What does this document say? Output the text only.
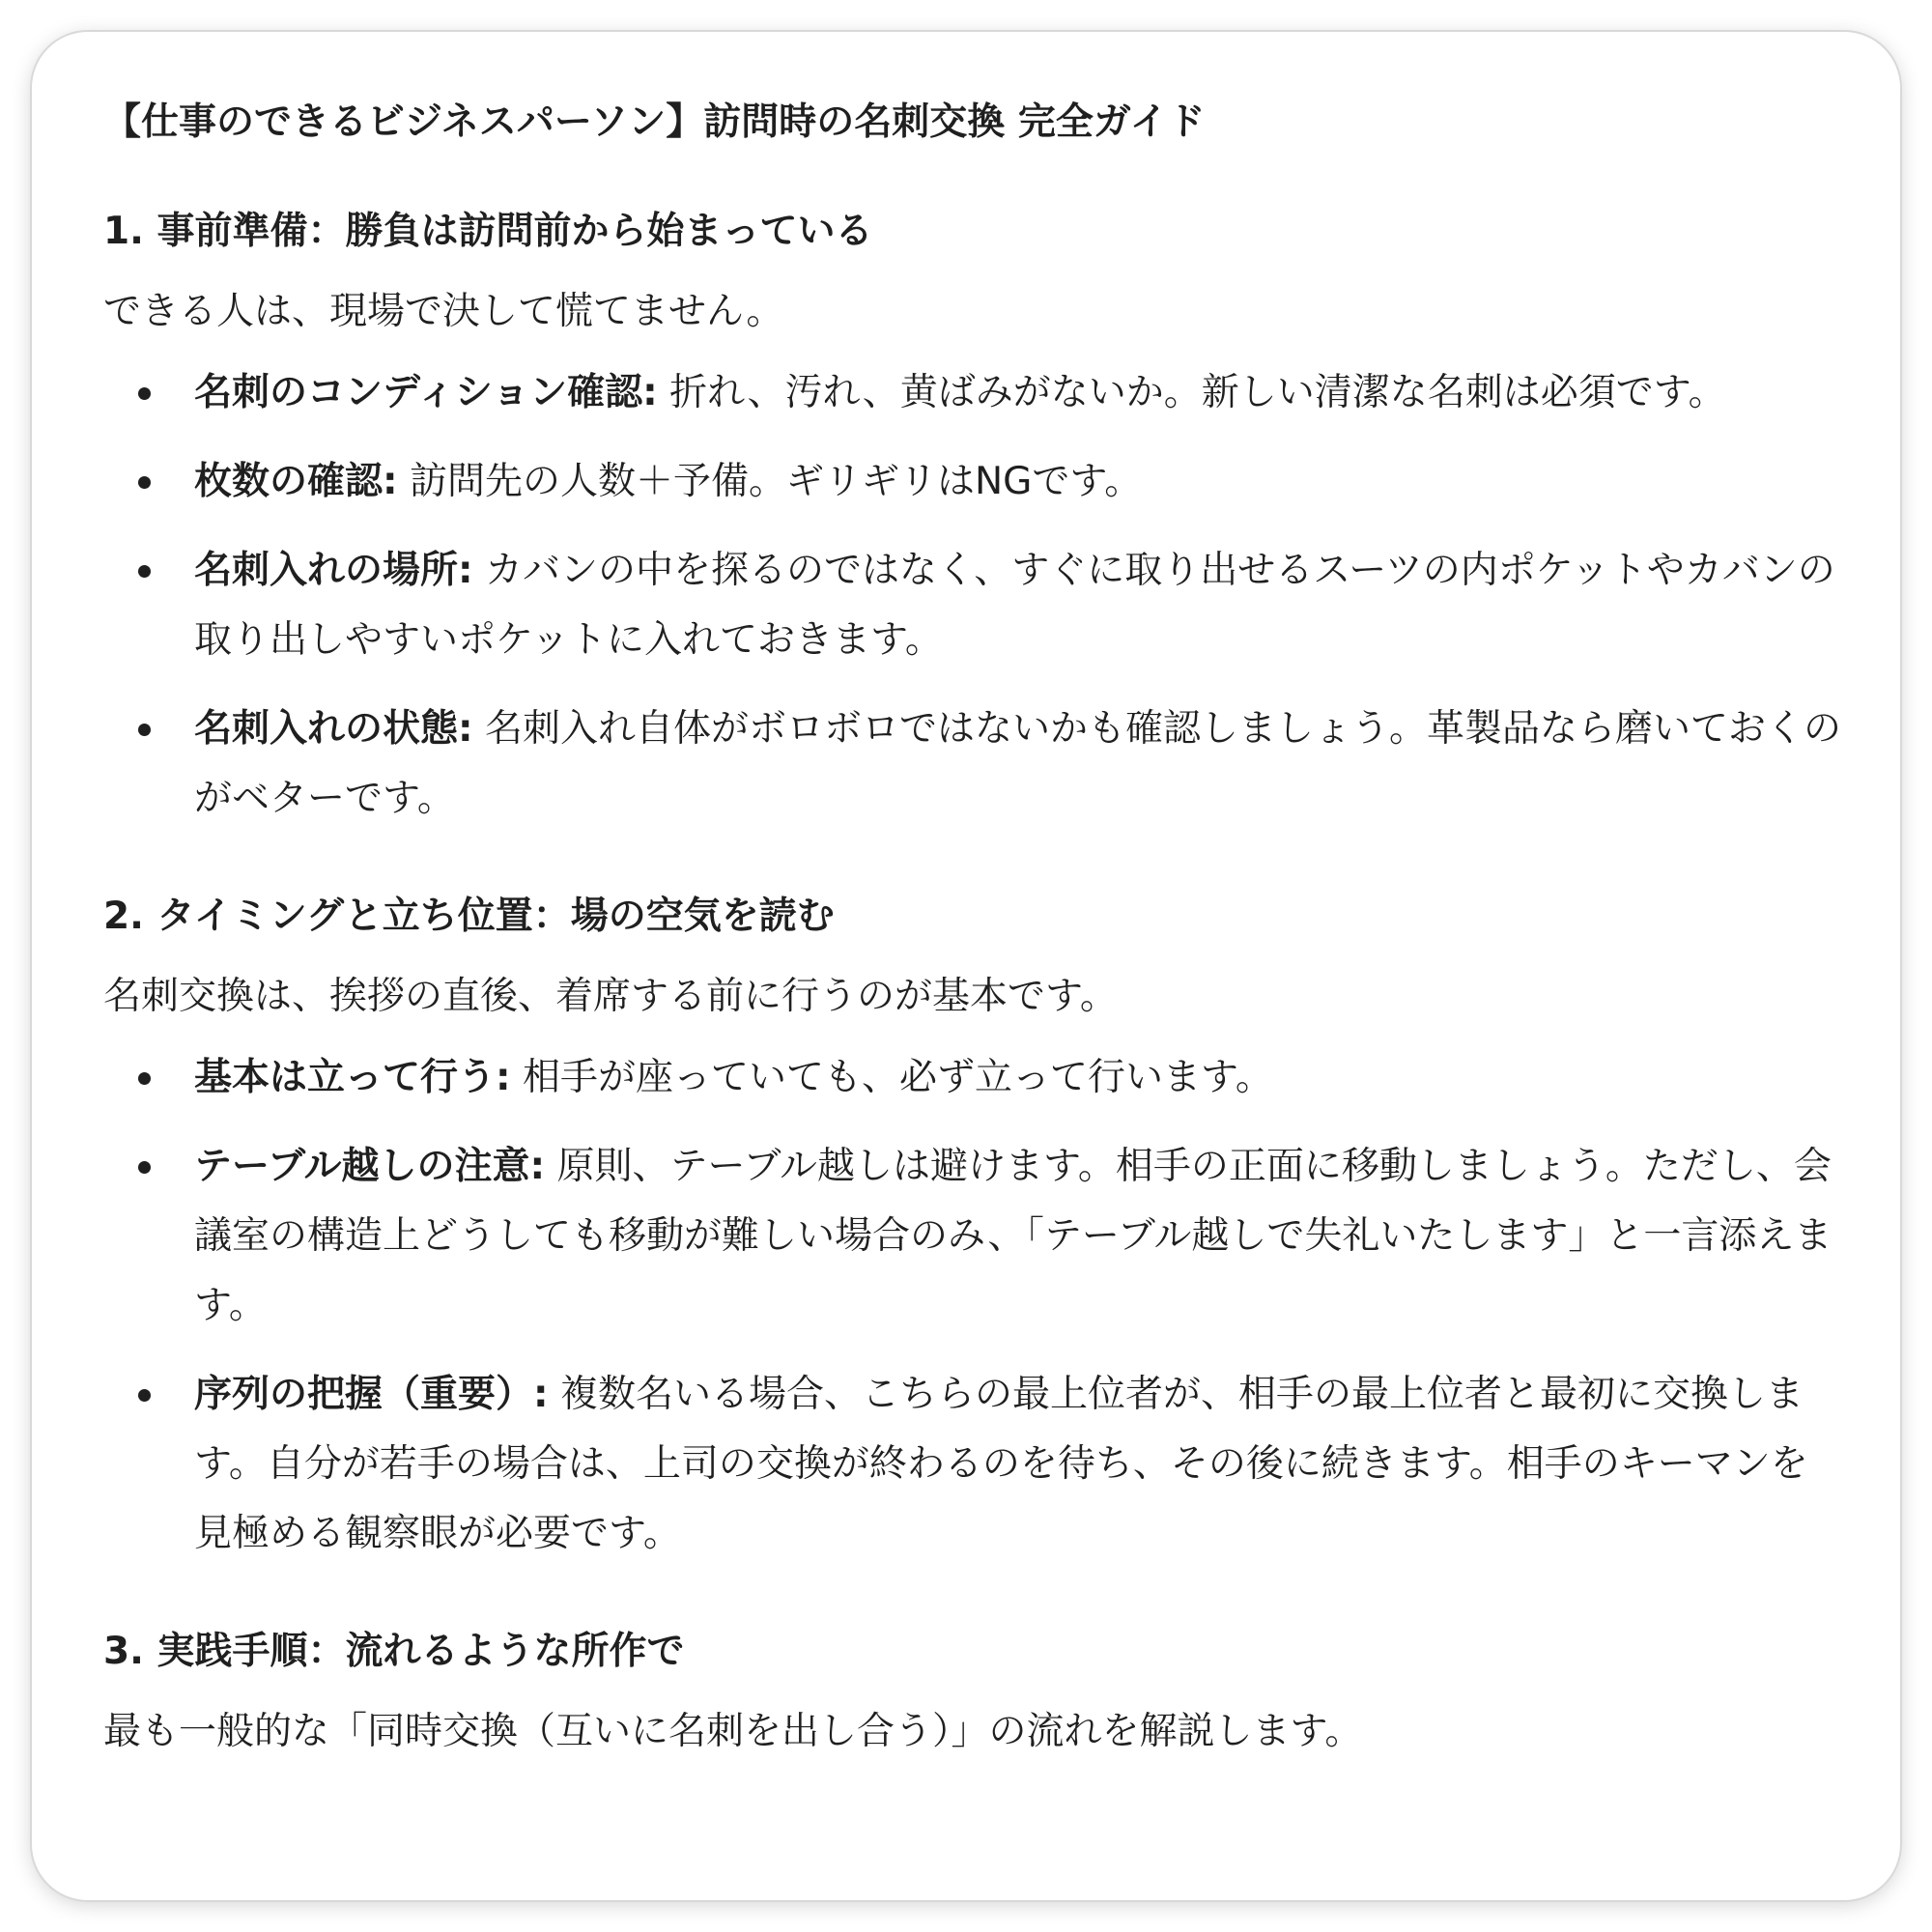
【仕事のできるビジネスパーソン】訪問時の名刺交換 完全ガイド
1. 事前準備：勝負は訪問前から始まっている
できる人は、現場で決して慌てません。
名刺のコンディション確認: 折れ、汚れ、黄ばみがないか。新しい清潔な名刺は必須です。
枚数の確認: 訪問先の人数＋予備。ギリギリはNGです。
名刺入れの場所: カバンの中を探るのではなく、すぐに取り出せるスーツの内ポケットやカバンの取り出しやすいポケットに入れておきます。
名刺入れの状態: 名刺入れ自体がボロボロではないかも確認しましょう。革製品なら磨いておくのがベターです。
2. タイミングと立ち位置：場の空気を読む
名刺交換は、挨拶の直後、着席する前に行うのが基本です。
基本は立って行う: 相手が座っていても、必ず立って行います。
テーブル越しの注意: 原則、テーブル越しは避けます。相手の正面に移動しましょう。ただし、会議室の構造上どうしても移動が難しい場合のみ、「テーブル越しで失礼いたします」と一言添えます。
序列の把握（重要）: 複数名いる場合、こちらの最上位者が、相手の最上位者と最初に交換します。自分が若手の場合は、上司の交換が終わるのを待ち、その後に続きます。相手のキーマンを見極める観察眼が必要です。
3. 実践手順：流れるような所作で
最も一般的な「同時交換（互いに名刺を出し合う）」の流れを解説します。
